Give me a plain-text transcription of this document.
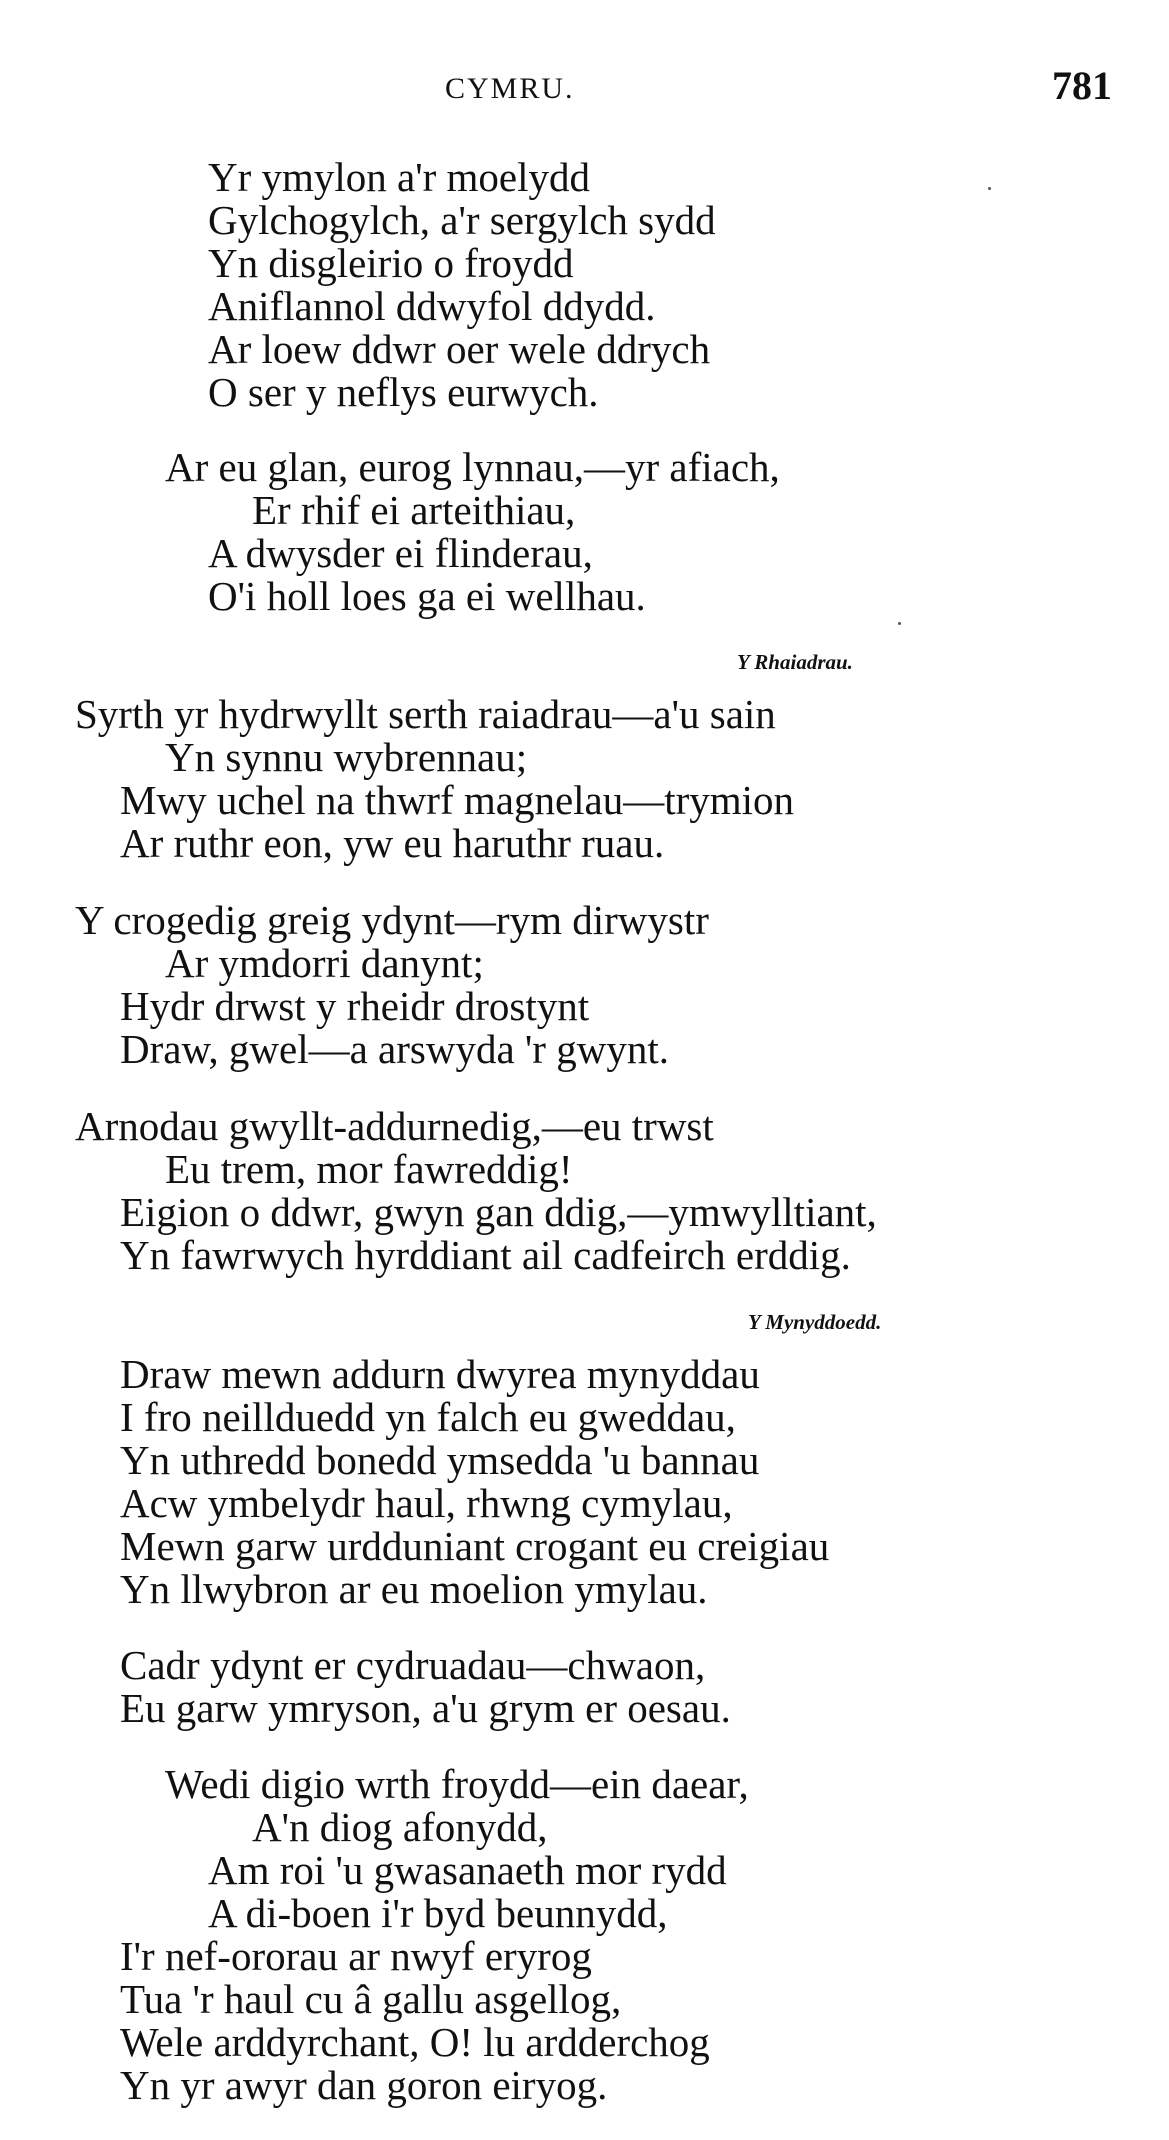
CYMRU.	781
Yr ymylon a'r moelydd
Gylchogylch, a'r sergylch sydd
Yn disgleirio o froydd
Aniflannol ddwyfol ddydd.
Ar loew ddwr oer wele ddrych
O ser y neflys eurwych.
Ar eu glan, eurog lynnau,—yr afiach,
Er rhif ei arteithiau,
A dwysder ei flinderau,
O'i holl loes ga ei wellhau.
Y Rhaiadrau.
Syrth yr hydrwyllt serth raiadrau—a'u sain
Yn synnu wybrennau;
Mwy uchel na thwrf magnelau—trymion
Ar ruthr eon, yw eu haruthr ruau.
Y crogedig greig ydynt—rym dirwystr
Ar ymdorri danynt;
Hydr drwst y rheidr drostynt
Draw, gwel—a arswyda 'r gwynt.
Arnodau gwyllt-addurnedig,—eu trwst
Eu trem, mor fawreddig!
Eigion o ddwr, gwyn gan ddig,—ymwylltiant,
Yn fawrwych hyrddiant ail cadfeirch erddig.
Y Mynyddoedd.
Draw mewn addurn dwyrea mynyddau
I fro neillduedd yn falch eu gweddau,
Yn uthredd bonedd ymsedda 'u bannau
Acw ymbelydr haul, rhwng cymylau,
Mewn garw urdduniant crogant eu creigiau
Yn llwybron ar eu moelion ymylau.
Cadr ydynt er cydruadau—chwaon,
Eu garw ymryson, a'u grym er oesau.
Wedi digio wrth froydd—ein daear,
A'n diog afonydd,
Am roi 'u gwasanaeth mor rydd
A di-boen i'r byd beunnydd,
I'r nef-ororau ar nwyf eryrog
Tua 'r haul cu â gallu asgellog,
Wele arddyrchant, O! lu ardderchog
Yn yr awyr dan goron eiryog.
